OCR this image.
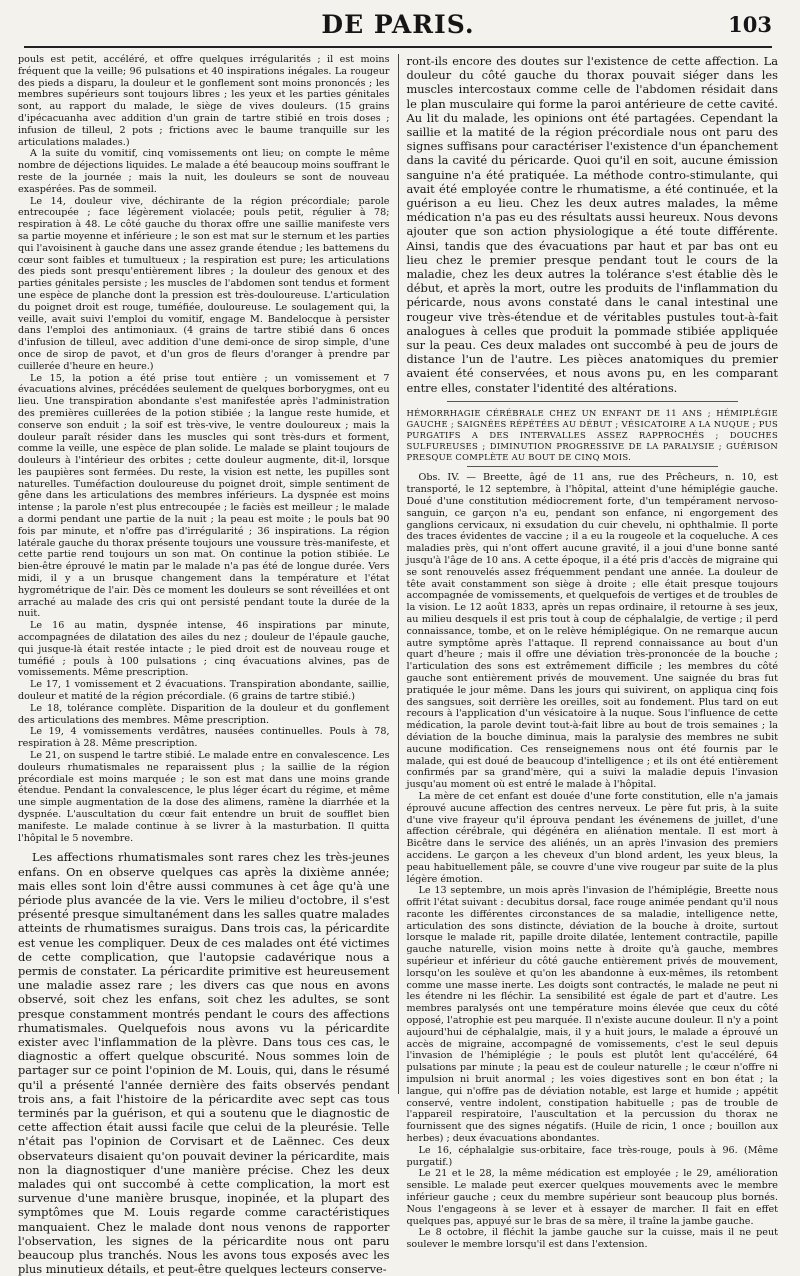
DE PARIS.	103

pouls est petit, accéléré, et offre quelques irrégularités ; il est moins fréquent que la veille; 96 pulsations et 40 inspirations inégales. La rougeur des pieds a disparu, la douleur et le gonflement sont moins prononcés ; les membres supérieurs sont toujours libres ; les yeux et les parties génitales sont, au rapport du malade, le siège de vives douleurs. (15 grains d'ipécacuanha avec addition d'un grain de tartre stibié en trois doses ; infusion de tilleul, 2 pots ; frictions avec le baume tranquille sur les articulations malades.)

A la suite du vomitif, cinq vomissements ont lieu; on compte le même nombre de déjections liquides. Le malade a été beaucoup moins souffrant le reste de la journée ; mais la nuit, les douleurs se sont de nouveau exaspérées. Pas de sommeil.

Le 14, douleur vive, déchirante de la région précordiale; parole entrecoupée ; face légèrement violacée; pouls petit, régulier à 78; respiration à 48. Le côté gauche du thorax offre une saillie manifeste vers sa partie moyenne et inférieure ; le son est mat sur le sternum et les parties qui l'avoisinent à gauche dans une assez grande étendue ; les battemens du cœur sont faibles et tumultueux ; la respiration est pure; les articulations des pieds sont presqu'entièrement libres ; la douleur des genoux et des parties génitales persiste ; les muscles de l'abdomen sont tendus et forment une espèce de planche dont la pression est très-douloureuse. L'articulation du poignet droit est rouge, tuméfiée, douloureuse. Le soulagement qui, la veille, avait suivi l'emploi du vomitif, engage M. Bandelocque à persister dans l'emploi des antimoniaux. (4 grains de tartre stibié dans 6 onces d'infusion de tilleul, avec addition d'une demi-once de sirop simple, d'une once de sirop de pavot, et d'un gros de fleurs d'oranger à prendre par cuillerée d'heure en heure.)

Le 15, la potion a été prise tout entière ; un vomissement et 7 évacuations alvines, précédées seulement de quelques borborygmes, ont eu lieu. Une transpiration abondante s'est manifestée après l'administration des premières cuillerées de la potion stibiée ; la langue reste humide, et conserve son enduit ; la soif est très-vive, le ventre douloureux ; mais la douleur paraît résider dans les muscles qui sont très-durs et forment, comme la veille, une espèce de plan solide. Le malade se plaint toujours de douleurs à l'intérieur des orbites ; cette douleur augmente, dit-il, lorsque les paupières sont fermées. Du reste, la vision est nette, les pupilles sont naturelles. Tuméfaction douloureuse du poignet droit, simple sentiment de gêne dans les articulations des membres inférieurs. La dyspnée est moins intense ; la parole n'est plus entrecoupée ; le faciès est meilleur ; le malade a dormi pendant une partie de la nuit ; la peau est moite ; le pouls bat 90 fois par minute, et n'offre pas d'irrégularité ; 36 inspirations. La région latérale gauche du thorax présente toujours une voussure très-manifeste, et cette partie rend toujours un son mat. On continue la potion stibiée. Le bien-être éprouvé le matin par le malade n'a pas été de longue durée. Vers midi, il y a un brusque changement dans la température et l'état hygrométrique de l'air. Dès ce moment les douleurs se sont réveillées et ont arraché au malade des cris qui ont persisté pendant toute la durée de la nuit.

Le 16 au matin, dyspnée intense, 46 inspirations par minute, accompagnées de dilatation des ailes du nez ; douleur de l'épaule gauche, qui jusque-là était restée intacte ; le pied droit est de nouveau rouge et tuméfié ; pouls à 100 pulsations ; cinq évacuations alvines, pas de vomissements. Même prescription.

Le 17, 1 vomissement et 2 évacuations. Transpiration abondante, saillie, douleur et matité de la région précordiale. (6 grains de tartre stibié.)

Le 18, tolérance complète. Disparition de la douleur et du gonflement des articulations des membres. Même prescription.

Le 19, 4 vomissements verdâtres, nausées continuelles. Pouls à 78, respiration à 28. Même prescription.

Le 21, on suspend le tartre stibié. Le malade entre en convalescence. Les douleurs rhumatismales ne reparaissent plus ; la saillie de la région précordiale est moins marquée ; le son est mat dans une moins grande étendue. Pendant la convalescence, le plus léger écart du régime, et même une simple augmentation de la dose des alimens, ramène la diarrhée et la dyspnée. L'auscultation du cœur fait entendre un bruit de soufflet bien manifeste. Le malade continue à se livrer à la masturbation. Il quitta l'hôpital le 5 novembre.

Les affections rhumatismales sont rares chez les très-jeunes enfans. On en observe quelques cas après la dixième année; mais elles sont loin d'être aussi communes à cet âge qu'à une période plus avancée de la vie. Vers le milieu d'octobre, il s'est présenté presque simultanément dans les salles quatre malades atteints de rhumatismes suraigus. Dans trois cas, la péricardite est venue les compliquer. Deux de ces malades ont été victimes de cette complication, que l'autopsie cadavérique nous a permis de constater. La péricardite primitive est heureusement une maladie assez rare ; les divers cas que nous en avons observé, soit chez les enfans, soit chez les adultes, se sont presque constamment montrés pendant le cours des affections rhumatismales. Quelquefois nous avons vu la péricardite exister avec l'inflammation de la plèvre. Dans tous ces cas, le diagnostic a offert quelque obscurité. Nous sommes loin de partager sur ce point l'opinion de M. Louis, qui, dans le résumé qu'il a présenté l'année dernière des faits observés pendant trois ans, a fait l'histoire de la péricardite avec sept cas tous terminés par la guérison, et qui a soutenu que le diagnostic de cette affection était aussi facile que celui de la pleurésie. Telle n'était pas l'opinion de Corvisart et de Laënnec. Ces deux observateurs disaient qu'on pouvait deviner la péricardite, mais non la diagnostiquer d'une manière précise. Chez les deux malades qui ont succombé à cette complication, la mort est survenue d'une manière brusque, inopinée, et la plupart des symptômes que M. Louis regarde comme caractéristiques manquaient. Chez le malade dont nous venons de rapporter l'observation, les signes de la péricardite nous ont paru beaucoup plus tranchés. Nous les avons tous exposés avec les plus minutieux détails, et peut-être quelques lecteurs conserve-

ront-ils encore des doutes sur l'existence de cette affection. La douleur du côté gauche du thorax pouvait siéger dans les muscles intercostaux comme celle de l'abdomen résidait dans le plan musculaire qui forme la paroi antérieure de cette cavité. Au lit du malade, les opinions ont été partagées. Cependant la saillie et la matité de la région précordiale nous ont paru des signes suffisans pour caractériser l'existence d'un épanchement dans la cavité du péricarde. Quoi qu'il en soit, aucune émission sanguine n'a été pratiquée. La méthode contro-stimulante, qui avait été employée contre le rhumatisme, a été continuée, et la guérison a eu lieu. Chez les deux autres malades, la même médication n'a pas eu des résultats aussi heureux. Nous devons ajouter que son action physiologique a été toute différente. Ainsi, tandis que des évacuations par haut et par bas ont eu lieu chez le premier presque pendant tout le cours de la maladie, chez les deux autres la tolérance s'est établie dès le début, et après la mort, outre les produits de l'inflammation du péricarde, nous avons constaté dans le canal intestinal une rougeur vive très-étendue et de véritables pustules tout-à-fait analogues à celles que produit la pommade stibiée appliquée sur la peau. Ces deux malades ont succombé à peu de jours de distance l'un de l'autre. Les pièces anatomiques du premier avaient été conservées, et nous avons pu, en les comparant entre elles, constater l'identité des altérations.

HÉMORRHAGIE CÉRÉBRALE CHEZ UN ENFANT DE 11 ANS ; HÉMIPLÉGIE GAUCHE ; SAIGNÉES RÉPÉTÉES AU DÉBUT ; VÉSICATOIRE A LA NUQUE ; PUS PURGATIFS A DES INTERVALLES ASSEZ RAPPROCHÉS ; DOUCHES SULFUREUSES ; DIMINUTION PROGRESSIVE DE LA PARALYSIE ; GUÉRISON PRESQUE COMPLÈTE AU BOUT DE CINQ MOIS.

Obs. IV. — Breette, âgé de 11 ans, rue des Prêcheurs, n. 10, est transporté, le 12 septembre, à l'hôpital, atteint d'une hémiplégie gauche. Doué d'une constitution médiocrement forte, d'un tempérament nervoso-sanguin, ce garçon n'a eu, pendant son enfance, ni engorgement des ganglions cervicaux, ni exsudation du cuir chevelu, ni ophthalmie. Il porte des traces évidentes de vaccine ; il a eu la rougeole et la coqueluche. A ces maladies près, qui n'ont offert aucune gravité, il a joui d'une bonne santé jusqu'à l'âge de 10 ans. A cette époque, il a été pris d'accès de migraine qui se sont renouvelés assez fréquemment pendant une année. La douleur de tête avait constamment son siège à droite ; elle était presque toujours accompagnée de vomissements, et quelquefois de vertiges et de troubles de la vision. Le 12 août 1833, après un repas ordinaire, il retourne à ses jeux, au milieu desquels il est pris tout à coup de céphalalgie, de vertige ; il perd connaissance, tombe, et on le relève hémiplégique. On ne remarque aucun autre symptôme après l'attaque. Il reprend connaissance au bout d'un quart d'heure ; mais il offre une déviation très-prononcée de la bouche ; l'articulation des sons est extrêmement difficile ; les membres du côté gauche sont entièrement privés de mouvement. Une saignée du bras fut pratiquée le jour même. Dans les jours qui suivirent, on appliqua cinq fois des sangsues, soit derrière les oreilles, soit au fondement. Plus tard on eut recours à l'application d'un vésicatoire à la nuque. Sous l'influence de cette médication, la parole devint tout-à-fait libre au bout de trois semaines ; la déviation de la bouche diminua, mais la paralysie des membres ne subit aucune modification. Ces renseignemens nous ont été fournis par le malade, qui est doué de beaucoup d'intelligence ; et ils ont été entièrement confirmés par sa grand'mère, qui a suivi la maladie depuis l'invasion jusqu'au moment où est entré le malade à l'hôpital.

La mère de cet enfant est douée d'une forte constitution, elle n'a jamais éprouvé aucune affection des centres nerveux. Le père fut pris, à la suite d'une vive frayeur qu'il éprouva pendant les événemens de juillet, d'une affection cérébrale, qui dégénéra en aliénation mentale. Il est mort à Bicêtre dans le service des aliénés, un an après l'invasion des premiers accidens. Le garçon a les cheveux d'un blond ardent, les yeux bleus, la peau habituellement pâle, se couvre d'une vive rougeur par suite de la plus légère émotion.

Le 13 septembre, un mois après l'invasion de l'hémiplégie, Breette nous offrit l'état suivant : decubitus dorsal, face rouge animée pendant qu'il nous raconte les différentes circonstances de sa maladie, intelligence nette, articulation des sons distincte, déviation de la bouche à droite, surtout lorsque le malade rit, papille droite dilatée, lentement contractile, papille gauche naturelle, vision moins nette à droite qu'à gauche, membres supérieur et inférieur du côté gauche entièrement privés de mouvement, lorsqu'on les soulève et qu'on les abandonne à eux-mêmes, ils retombent comme une masse inerte. Les doigts sont contractés, le malade ne peut ni les étendre ni les fléchir. La sensibilité est égale de part et d'autre. Les membres paralysés ont une température moins élevée que ceux du côté opposé, l'atrophie est peu marquée. Il n'existe aucune douleur. Il n'y a point aujourd'hui de céphalalgie, mais, il y a huit jours, le malade a éprouvé un accès de migraine, accompagné de vomissements, c'est le seul depuis l'invasion de l'hémiplégie ; le pouls est plutôt lent qu'accéléré, 64 pulsations par minute ; la peau est de couleur naturelle ; le cœur n'offre ni impulsion ni bruit anormal ; les voies digestives sont en bon état ; la langue, qui n'offre pas de déviation notable, est large et humide ; appétit conservé, ventre indolent, constipation habituelle ; pas de trouble de l'appareil respiratoire, l'auscultation et la percussion du thorax ne fournissent que des signes négatifs. (Huile de ricin, 1 once ; bouillon aux herbes) ; deux évacuations abondantes.

Le 16, céphalalgie sus-orbitaire, face très-rouge, pouls à 96. (Même purgatif.)

Le 21 et le 28, la même médication est employée ; le 29, amélioration sensible. Le malade peut exercer quelques mouvements avec le membre inférieur gauche ; ceux du membre supérieur sont beaucoup plus bornés. Nous l'engageons à se lever et à essayer de marcher. Il fait en effet quelques pas, appuyé sur le bras de sa mère, il traîne la jambe gauche.

Le 8 octobre, il fléchit la jambe gauche sur la cuisse, mais il ne peut soulever le membre lorsqu'il est dans l'extension.
